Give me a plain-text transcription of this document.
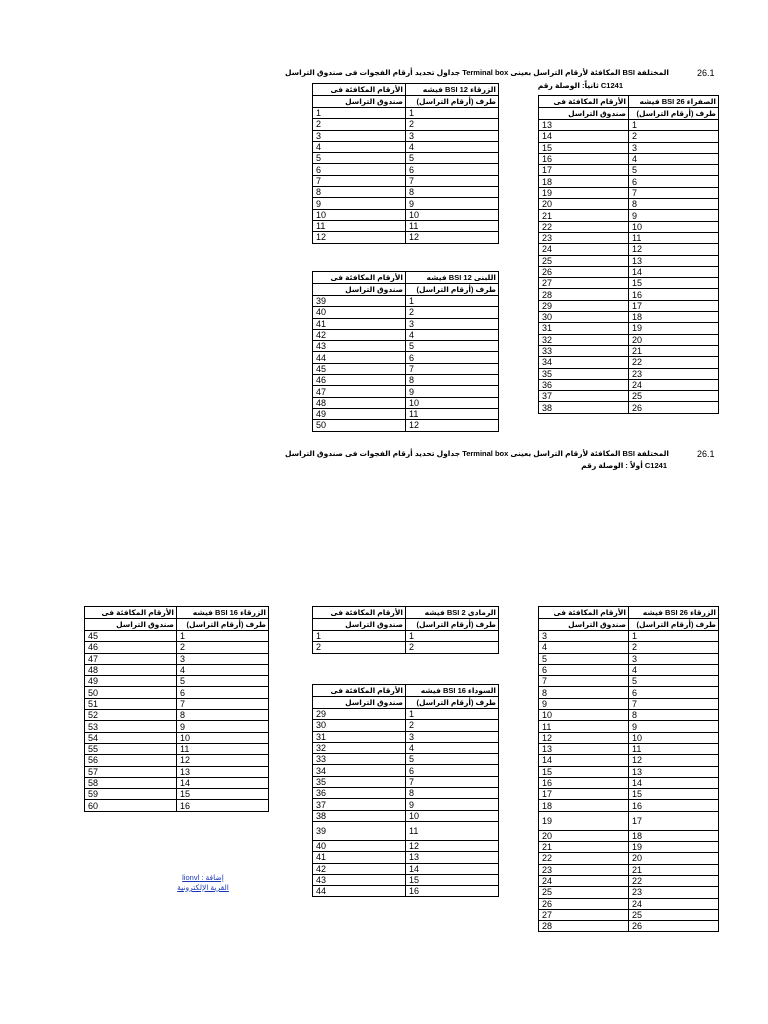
26.1
المختلفة BSI المكافئة لأرقام التراسل بعينى Terminal box جداول تحديد أرقام الفجوات فى صندوق التراسل
C1241 ثانياً: الوصلة رقم
26.1
المختلفة BSI المكافئة لأرقام التراسل بعينى Terminal box جداول تحديد أرقام الفجوات فى صندوق التراسل
C1241 أولاً : الوصلة رقم
الأرقام المكافئة فى	الزرقاء 12 BSI فيشه
صندوق التراسل	طرف (أرقام التراسل)
1	1
2	2
3	3
4	4
5	5
6	6
7	7
8	8
9	9
10	10
11	11
12	12
الأرقام المكافئة فى	اللبنى 12 BSI فيشه
صندوق التراسل	طرف (أرقام التراسل)
39	1
40	2
41	3
42	4
43	5
44	6
45	7
46	8
47	9
48	10
49	11
50	12
الأرقام المكافئة فى	الصفراء 26 BSI فيشه
صندوق التراسل	طرف (أرقام التراسل)
13	1
14	2
15	3
16	4
17	5
18	6
19	7
20	8
21	9
22	10
23	11
24	12
25	13
26	14
27	15
28	16
29	17
30	18
31	19
32	20
33	21
34	22
35	23
36	24
37	25
38	26
الأرقام المكافئة فى	الزرقاء 16 BSI فيشه
صندوق التراسل	طرف (أرقام التراسل)
45	1
46	2
47	3
48	4
49	5
50	6
51	7
52	8
53	9
54	10
55	11
56	12
57	13
58	14
59	15
60	16
الأرقام المكافئة فى	الرمادى 2 BSI فيشه
صندوق التراسل	طرف (أرقام التراسل)
1	1
2	2
الأرقام المكافئة فى	السوداء 16 BSI فيشه
صندوق التراسل	طرف (أرقام التراسل)
29	1
30	2
31	3
32	4
33	5
34	6
35	7
36	8
37	9
38	10
39	11
40	12
41	13
42	14
43	15
44	16
الأرقام المكافئة فى	الزرقاء 26 BSI فيشه
صندوق التراسل	طرف (أرقام التراسل)
3	1
4	2
5	3
6	4
7	5
8	6
9	7
10	8
11	9
12	10
13	11
14	12
15	13
16	14
17	15
18	16
19	17
20	18
21	19
22	20
23	21
24	22
25	23
26	24
27	25
28	26
إضافة : lionvl
القرية الإلكترونية
